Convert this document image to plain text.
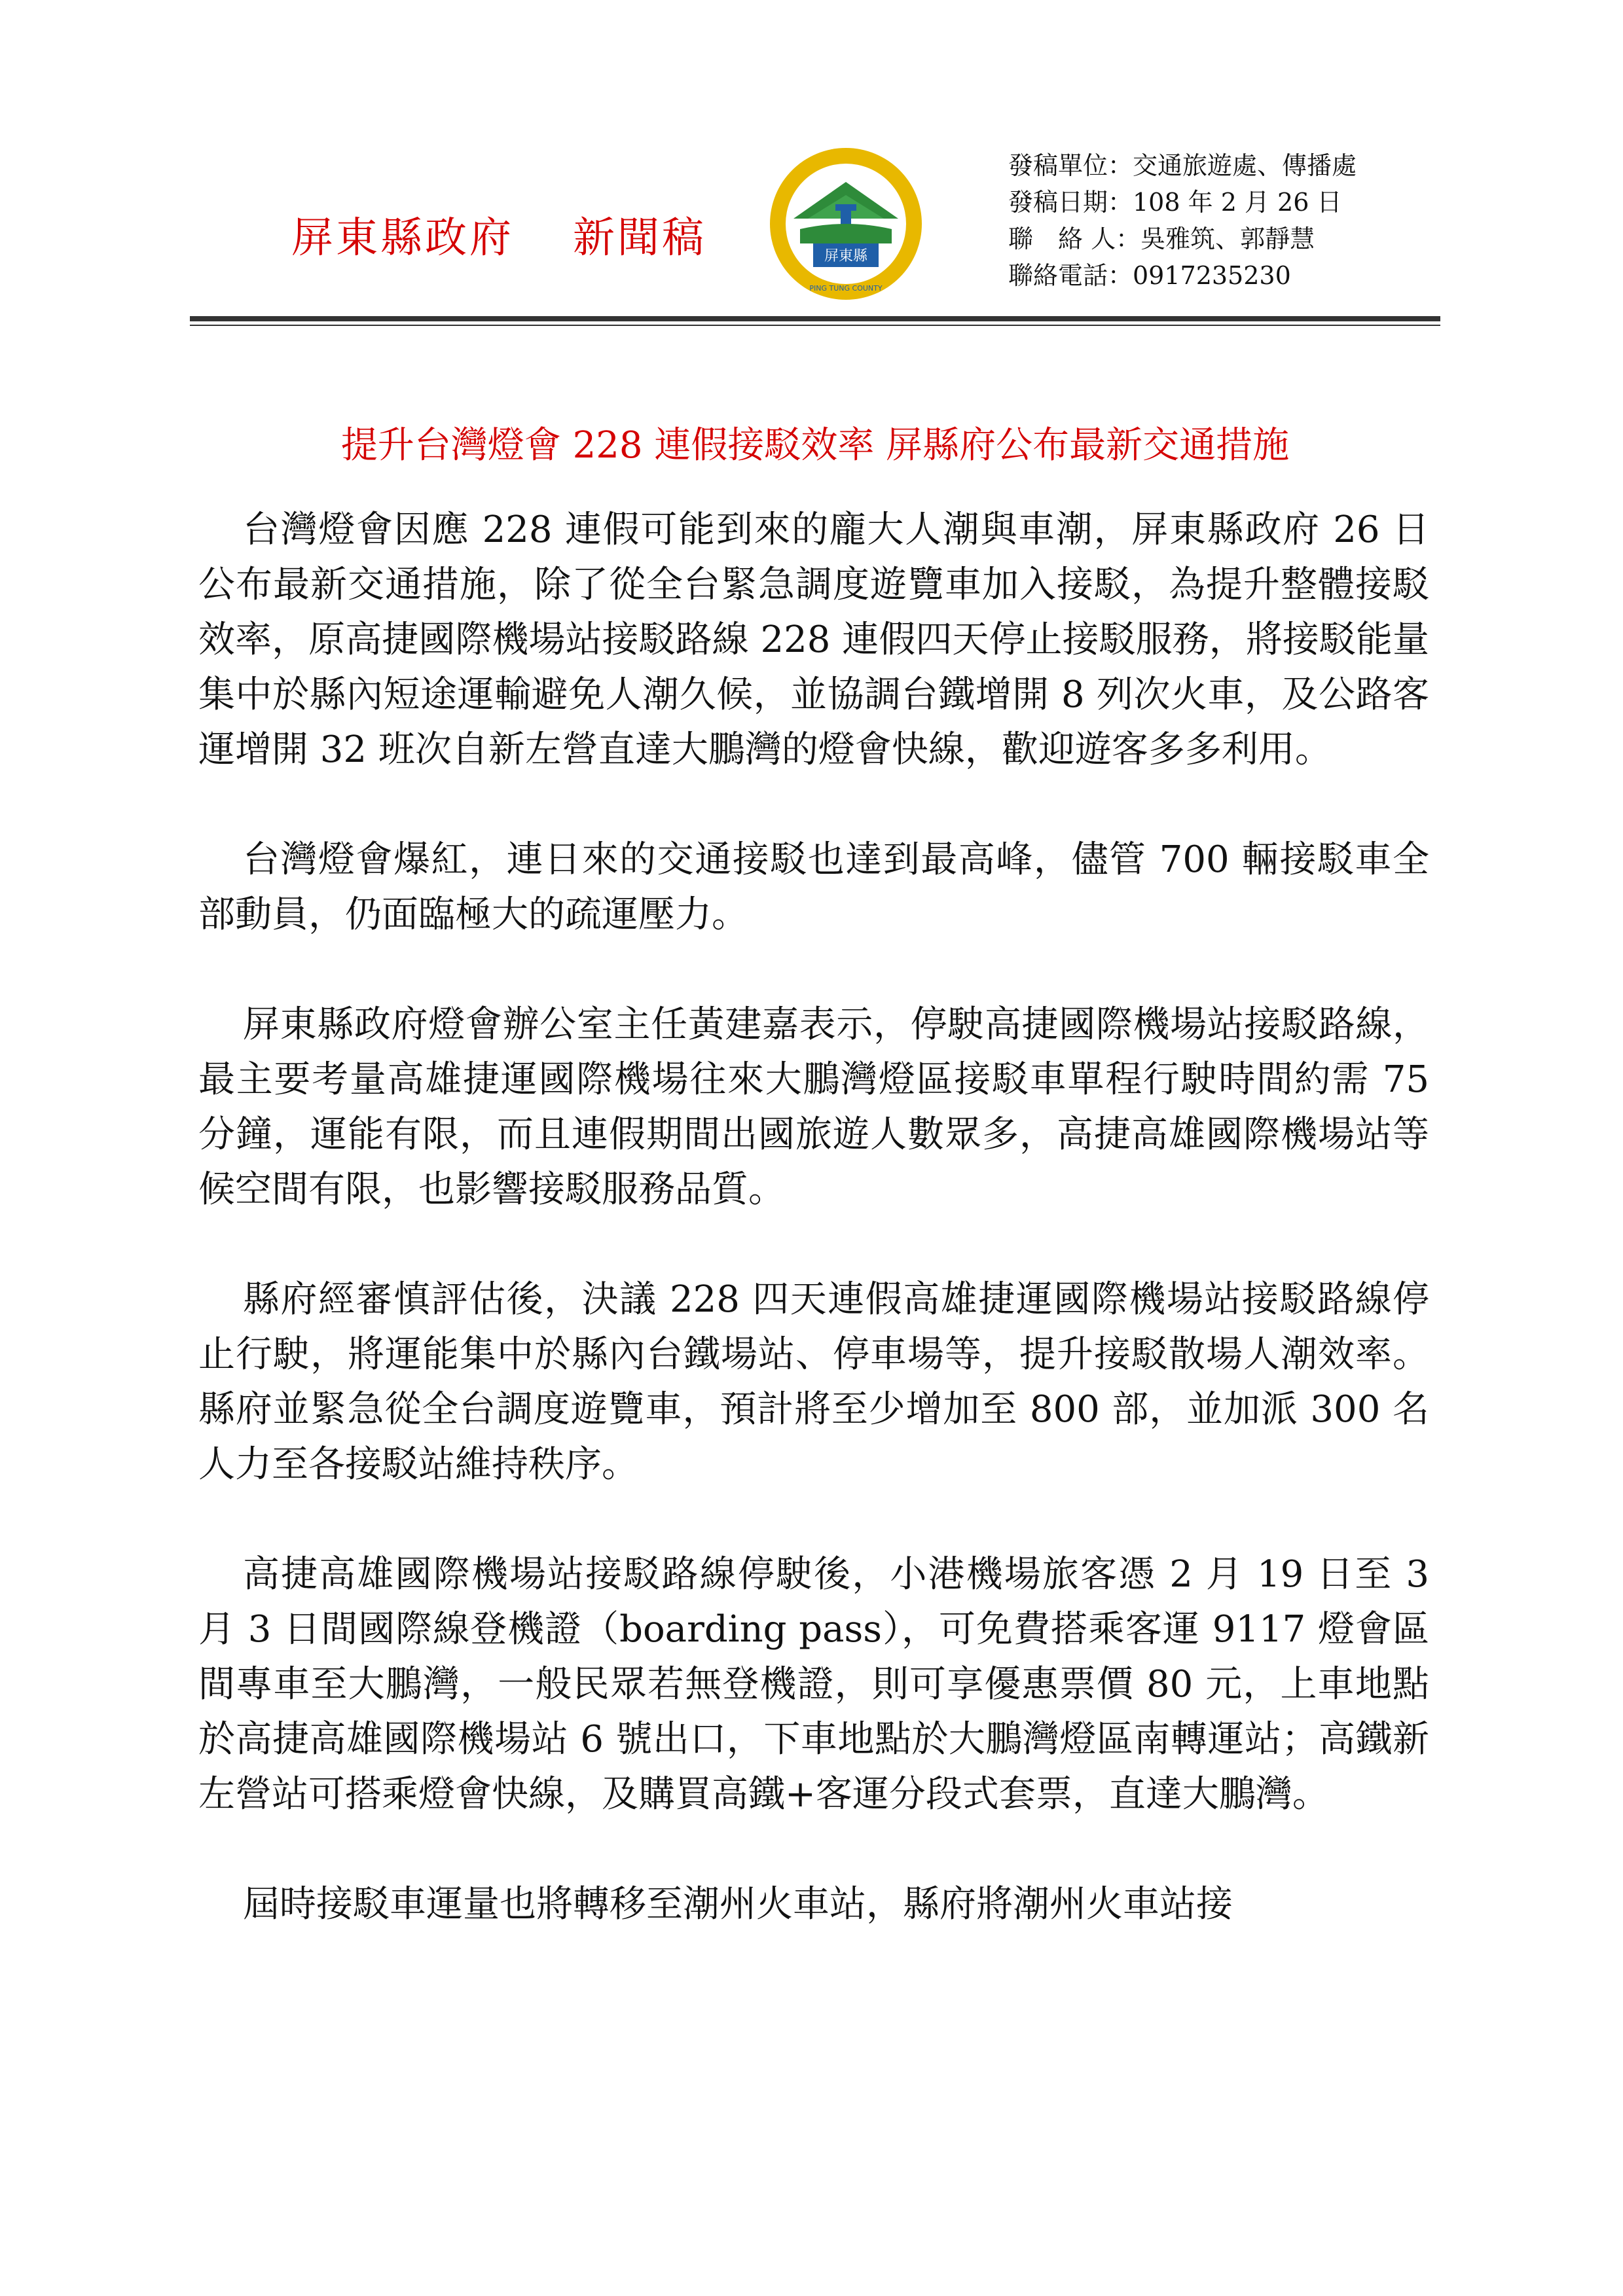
屏東縣政府 新聞稿	屏東縣
PING TUNG COUNTY
發稿單位：交通旅遊處、傳播處
發稿日期：108 年 2 月 26 日
聯　絡 人：吳雅筑、郭靜慧
聯絡電話：0917235230
提升台灣燈會 228 連假接駁效率 屏縣府公布最新交通措施

台灣燈會因應 228 連假可能到來的龐大人潮與車潮，屏東縣政府 26 日公布最新交通措施，除了從全台緊急調度遊覽車加入接駁，為提升整體接駁效率，原高捷國際機場站接駁路線 228 連假四天停止接駁服務，將接駁能量集中於縣內短途運輸避免人潮久候，並協調台鐵增開 8 列次火車，及公路客運增開 32 班次自新左營直達大鵬灣的燈會快線，歡迎遊客多多利用。

台灣燈會爆紅，連日來的交通接駁也達到最高峰，儘管 700 輛接駁車全部動員，仍面臨極大的疏運壓力。

屏東縣政府燈會辦公室主任黃建嘉表示，停駛高捷國際機場站接駁路線，最主要考量高雄捷運國際機場往來大鵬灣燈區接駁車單程行駛時間約需 75 分鐘，運能有限，而且連假期間出國旅遊人數眾多，高捷高雄國際機場站等候空間有限，也影響接駁服務品質。

縣府經審慎評估後，決議 228 四天連假高雄捷運國際機場站接駁路線停止行駛，將運能集中於縣內台鐵場站、停車場等，提升接駁散場人潮效率。縣府並緊急從全台調度遊覽車，預計將至少增加至 800 部，並加派 300 名人力至各接駁站維持秩序。

高捷高雄國際機場站接駁路線停駛後，小港機場旅客憑 2 月 19 日至 3 月 3 日間國際線登機證（boarding pass），可免費搭乘客運 9117 燈會區間專車至大鵬灣，一般民眾若無登機證，則可享優惠票價 80 元，上車地點於高捷高雄國際機場站 6 號出口，下車地點於大鵬灣燈區南轉運站；高鐵新左營站可搭乘燈會快線，及購買高鐵+客運分段式套票，直達大鵬灣。

屆時接駁車運量也將轉移至潮州火車站，縣府將潮州火車站接
